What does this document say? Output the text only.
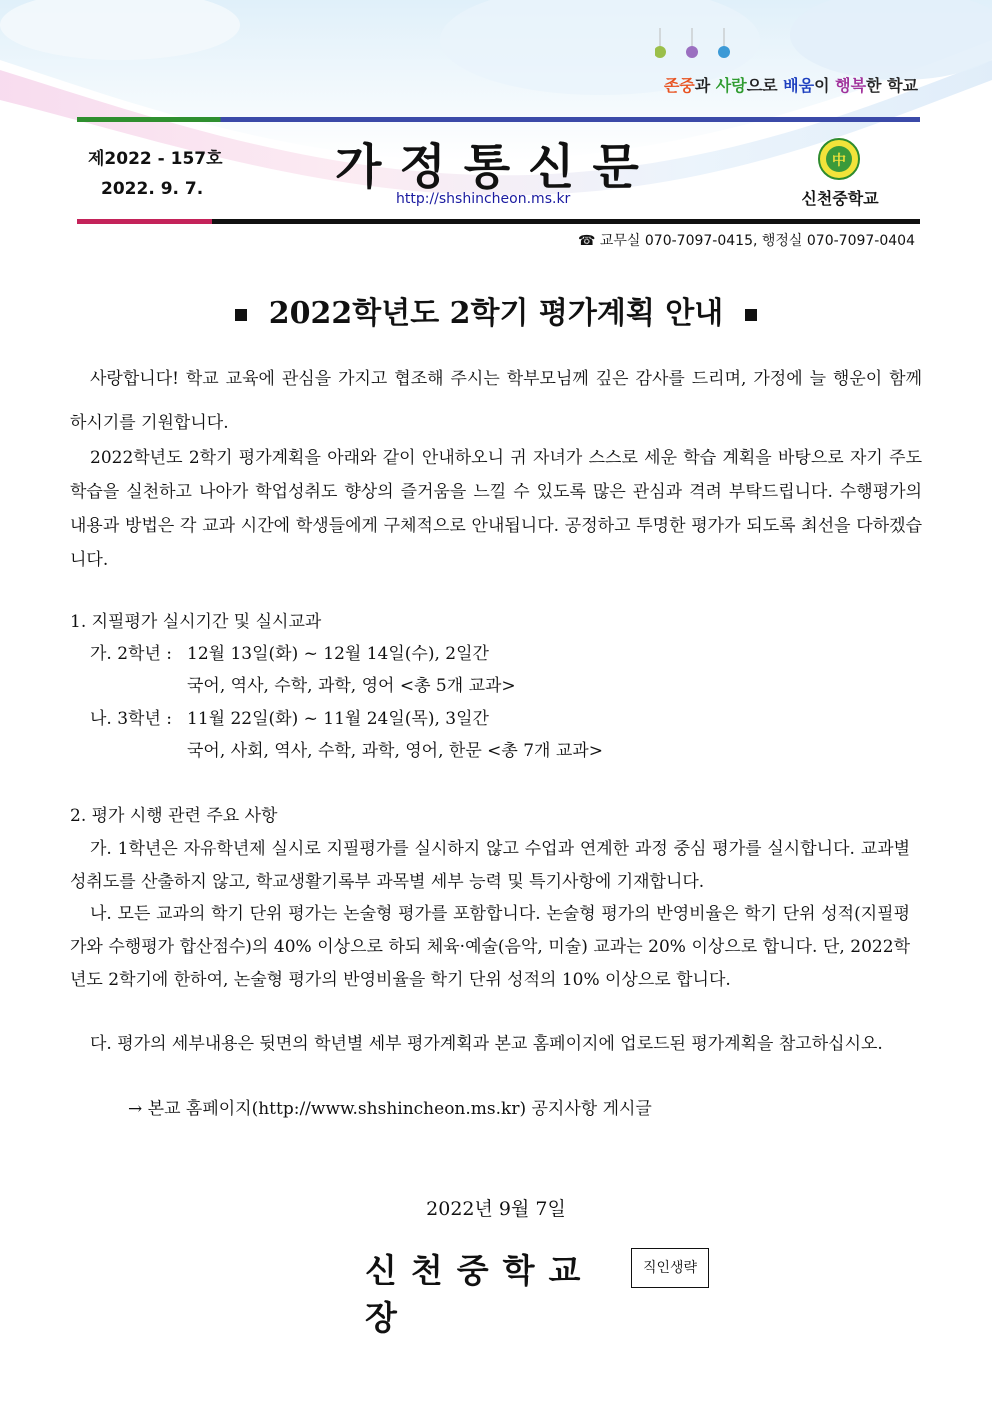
존중과 사랑으로 배움이 행복한 학교
제2022 - 157호
2022. 9. 7.	가정통신문
http://shshincheon.ms.kr
中
신천중학교
☎ 교무실 070-7097-0415, 행정실 070-7097-0404
2022학년도 2학기 평가계획 안내
사랑합니다! 학교 교육에 관심을 가지고 협조해 주시는 학부모님께 깊은 감사를 드리며, 가정에 늘 행운이 함께 하시기를 기원합니다.
2022학년도 2학기 평가계획을 아래와 같이 안내하오니 귀 자녀가 스스로 세운 학습 계획을 바탕으로 자기 주도 학습을 실천하고 나아가 학업성취도 향상의 즐거움을 느낄 수 있도록 많은 관심과 격려 부탁드립니다. 수행평가의 내용과 방법은 각 교과 시간에 학생들에게 구체적으로 안내됩니다. 공정하고 투명한 평가가 되도록 최선을 다하겠습니다.
1. 지필평가 실시기간 및 실시교과
가. 2학년 : 12월 13일(화) ~ 12월 14일(수), 2일간
국어, 역사, 수학, 과학, 영어 <총 5개 교과>
나. 3학년 : 11월 22일(화) ~ 11월 24일(목), 3일간
국어, 사회, 역사, 수학, 과학, 영어, 한문 <총 7개 교과>
2. 평가 시행 관련 주요 사항
가. 1학년은 자유학년제 실시로 지필평가를 실시하지 않고 수업과 연계한 과정 중심 평가를 실시합니다. 교과별 성취도를 산출하지 않고, 학교생활기록부 과목별 세부 능력 및 특기사항에 기재합니다.
나. 모든 교과의 학기 단위 평가는 논술형 평가를 포함합니다. 논술형 평가의 반영비율은 학기 단위 성적(지필평가와 수행평가 합산점수)의 40% 이상으로 하되 체육·예술(음악, 미술) 교과는 20% 이상으로 합니다. 단, 2022학년도 2학기에 한하여, 논술형 평가의 반영비율을 학기 단위 성적의 10% 이상으로 합니다.
다. 평가의 세부내용은 뒷면의 학년별 세부 평가계획과 본교 홈페이지에 업로드된 평가계획을 참고하십시오.
→ 본교 홈페이지(http://www.shshincheon.ms.kr) 공지사항 게시글
2022년 9월 7일
신천중학교장
직인생략
